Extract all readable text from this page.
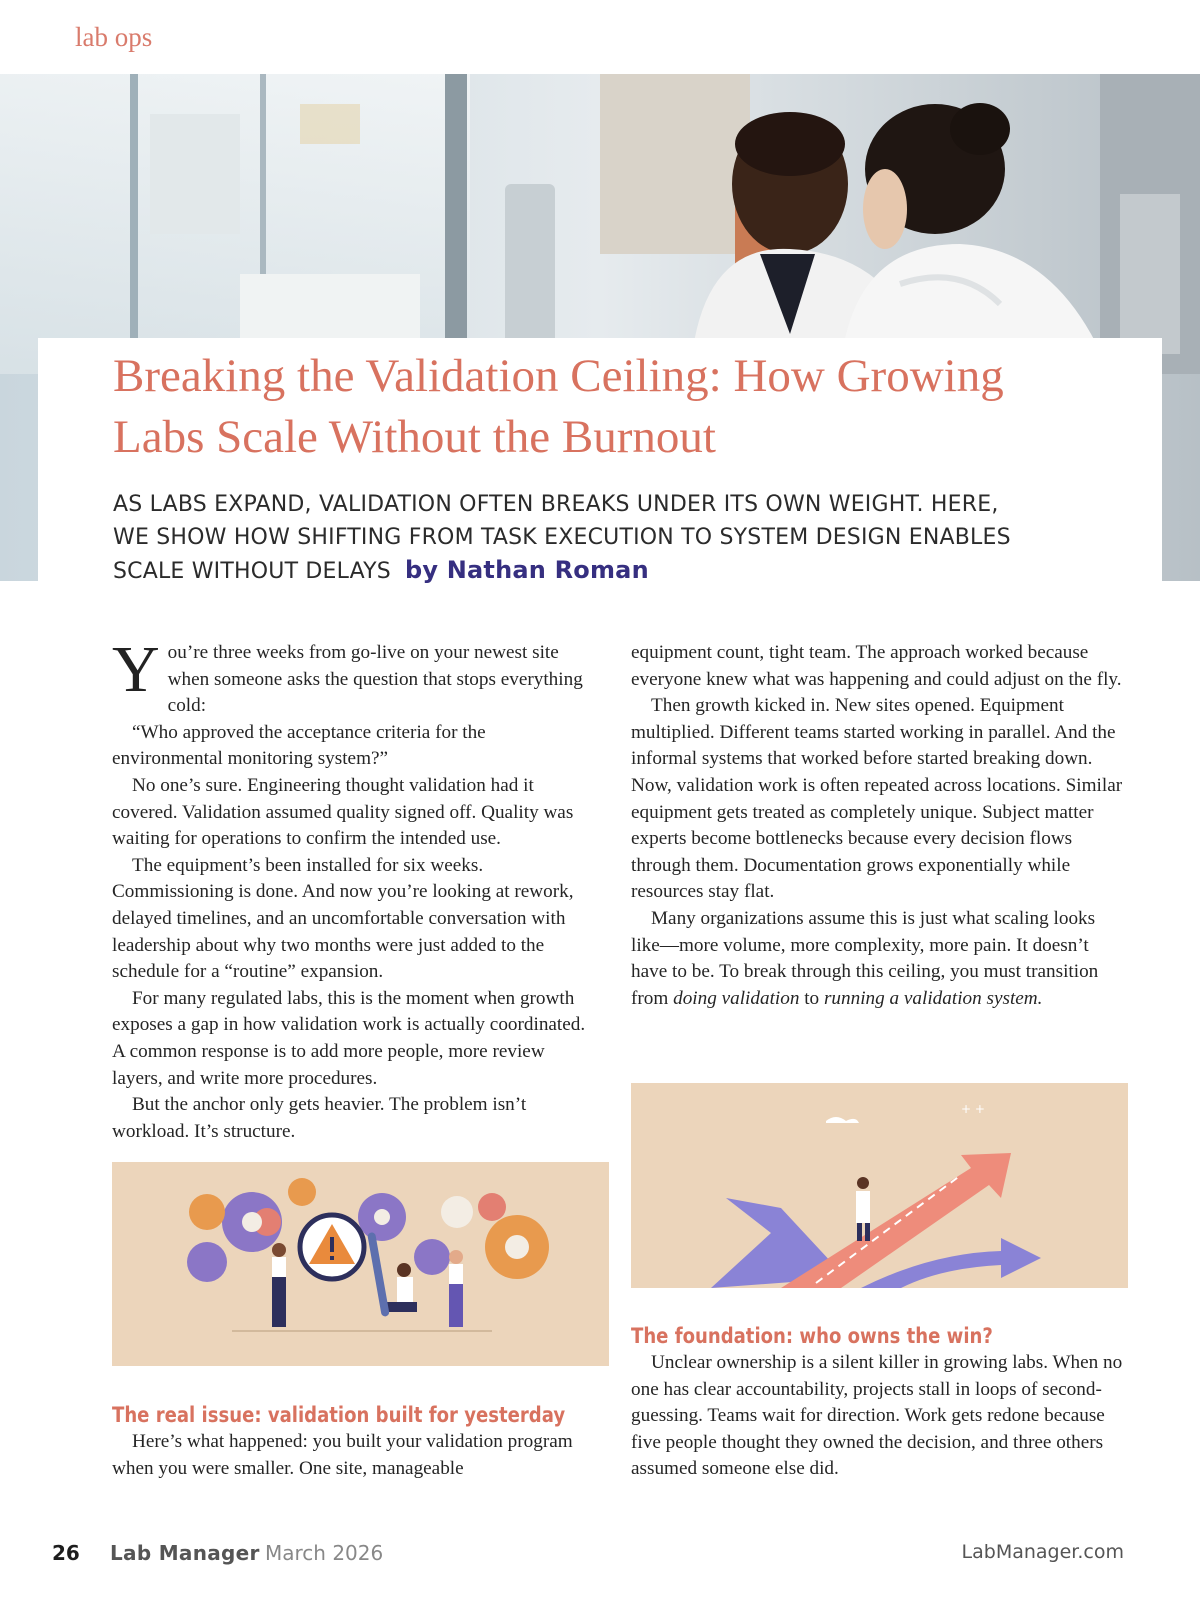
lab ops
Breaking the Validation Ceiling: How Growing
Labs Scale Without the Burnout

AS LABS EXPAND, VALIDATION OFTEN BREAKS UNDER ITS OWN WEIGHT. HERE,
WE SHOW HOW SHIFTING FROM TASK EXECUTION TO SYSTEM DESIGN ENABLES
SCALE WITHOUT DELAYS by Nathan Roman

You’re three weeks from go-live on your newest site when someone asks the question that stops everything cold:

“Who approved the acceptance criteria for the environmental monitoring system?”

No one’s sure. Engineering thought validation had it covered. Validation assumed quality signed off. Quality was waiting for operations to confirm the intended use.

The equipment’s been installed for six weeks. Commissioning is done. And now you’re looking at rework, delayed timelines, and an uncomfortable conversation with leadership about why two months were just added to the schedule for a “routine” expansion.

For many regulated labs, this is the moment when growth exposes a gap in how validation work is actually coordinated. A common response is to add more people, more review layers, and write more procedures.

But the anchor only gets heavier. The problem isn’t workload. It’s structure.

The real issue: validation built for yesterday

Here’s what happened: you built your validation program when you were smaller. One site, manageable

equipment count, tight team. The approach worked because everyone knew what was happening and could adjust on the fly.

Then growth kicked in. New sites opened. Equipment multiplied. Different teams started working in parallel. And the informal systems that worked before started breaking down. Now, validation work is often repeated across locations. Similar equipment gets treated as completely unique. Subject matter experts become bottlenecks because every decision flows through them. Documentation grows exponentially while resources stay flat.

Many organizations assume this is just what scaling looks like—more volume, more complexity, more pain. It doesn’t have to be. To break through this ceiling, you must transition from doing validation to running a validation system.

+ +
The foundation: who owns the win?

Unclear ownership is a silent killer in growing labs. When no one has clear accountability, projects stall in loops of second-guessing. Teams wait for direction. Work gets redone because five people thought they owned the decision, and three others assumed someone else did.

26 Lab Manager March 2026	LabManager.com
